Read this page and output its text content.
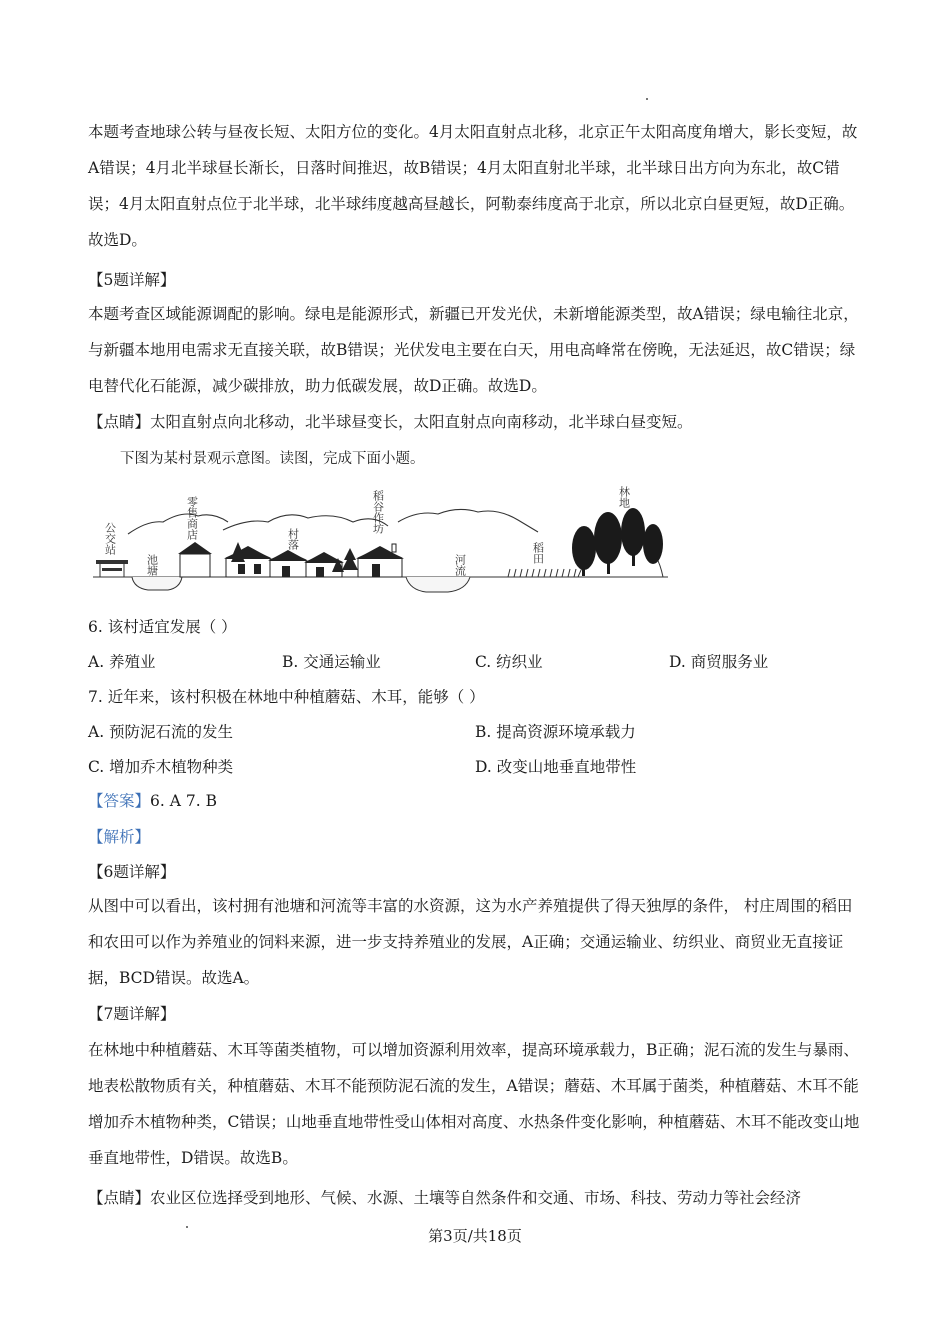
本题考查地球公转与昼夜长短、太阳方位的变化。4月太阳直射点北移，北京正午太阳高度角增大，影长变短，故A错误；4月北半球昼长渐长，日落时间推迟，故B错误；4月太阳直射北半球，北半球日出方向为东北，故C错误；4月太阳直射点位于北半球，北半球纬度越高昼越长，阿勒泰纬度高于北京，所以北京白昼更短，故D正确。故选D。

【5题详解】

本题考查区域能源调配的影响。绿电是能源形式，新疆已开发光伏，未新增能源类型，故A错误；绿电输往北京，与新疆本地用电需求无直接关联，故B错误；光伏发电主要在白天，用电高峰常在傍晚，无法延迟，故C错误；绿电替代化石能源，减少碳排放，助力低碳发展，故D正确。故选D。

【点睛】太阳直射点向北移动，北半球昼变长，太阳直射点向南移动，北半球白昼变短。

下图为某村景观示意图。读图，完成下面小题。

公交站
池塘
零售商店	村落
稻谷作坊
河流
稻田
林地

6. 该村适宜发展（ ）

A. 养殖业	B. 交通运输业	C. 纺织业	D. 商贸服务业

7. 近年来，该村积极在林地中种植蘑菇、木耳，能够（ ）

A. 预防泥石流的发生	B. 提高资源环境承载力
C. 增加乔木植物种类	D. 改变山地垂直地带性

【答案】6. A 7. B

【解析】

【6题详解】

从图中可以看出，该村拥有池塘和河流等丰富的水资源，这为水产养殖提供了得天独厚的条件， 村庄周围的稻田和农田可以作为养殖业的饲料来源，进一步支持养殖业的发展，A正确；交通运输业、纺织业、商贸业无直接证据，BCD错误。故选A。

【7题详解】

在林地中种植蘑菇、木耳等菌类植物，可以增加资源利用效率，提高环境承载力，B正确；泥石流的发生与暴雨、地表松散物质有关，种植蘑菇、木耳不能预防泥石流的发生，A错误；蘑菇、木耳属于菌类，种植蘑菇、木耳不能增加乔木植物种类，C错误；山地垂直地带性受山体相对高度、水热条件变化影响，种植蘑菇、木耳不能改变山地垂直地带性，D错误。故选B。

【点睛】农业区位选择受到地形、气候、水源、土壤等自然条件和交通、市场、科技、劳动力等社会经济

第3页/共18页
